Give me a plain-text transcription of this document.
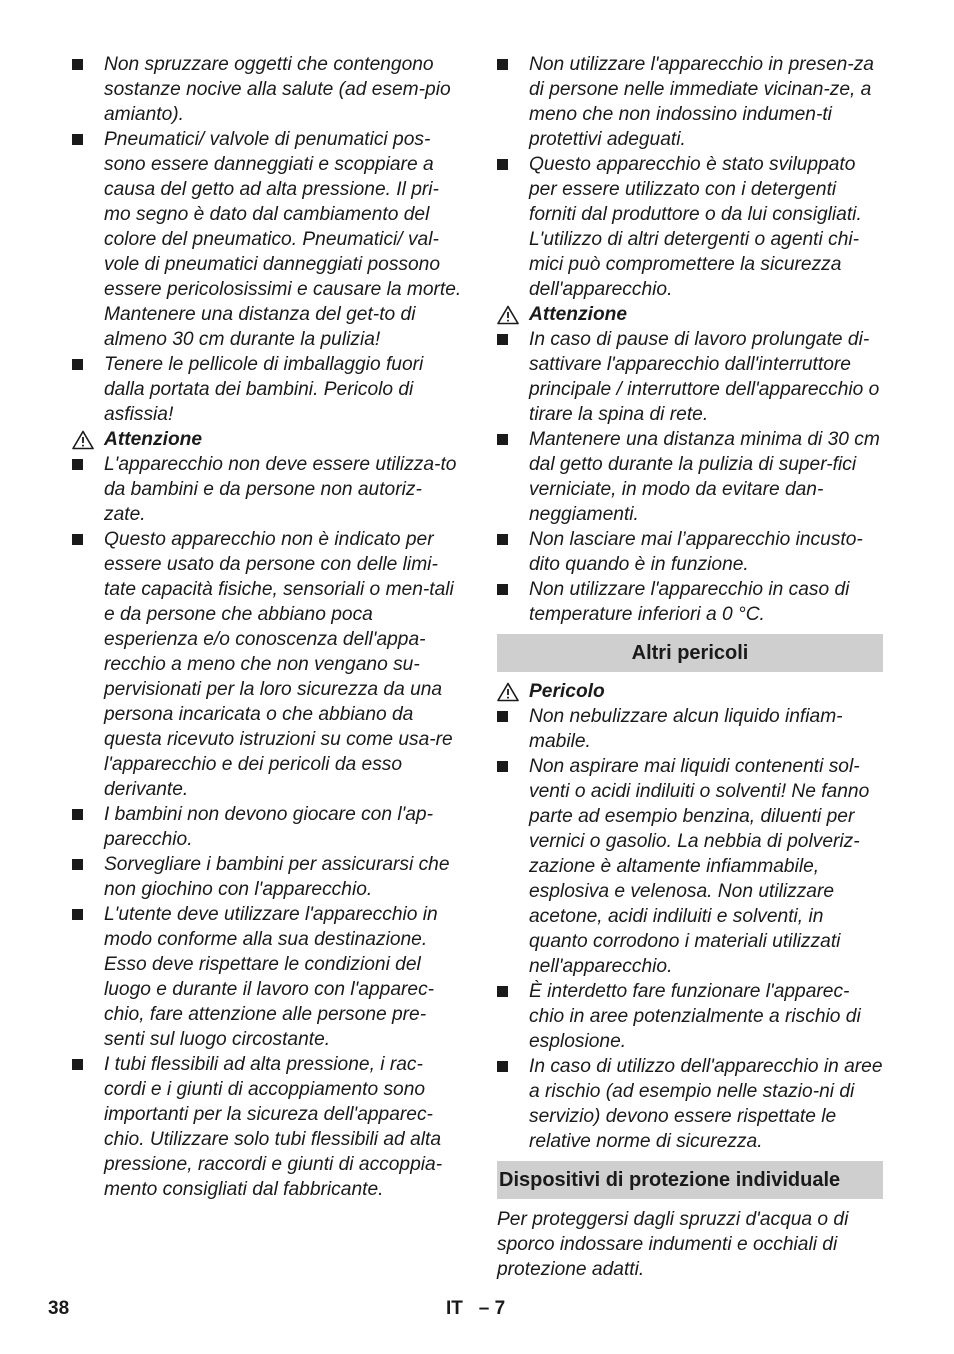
Non spruzzare oggetti che contengono sostanze nocive alla salute (ad esem-pio amianto).
Pneumatici/ valvole di penumatici pos-sono essere danneggiati e scoppiare a causa del getto ad alta pressione. Il pri-mo segno è dato dal cambiamento del colore del pneumatico. Pneumatici/ val-vole di pneumatici danneggiati possono essere pericolosissimi e causare la morte. Mantenere una distanza del get-to di almeno 30 cm durante la pulizia!
Tenere le pellicole di imballaggio fuori dalla portata dei bambini. Pericolo di asfissia!
Attenzione
L'apparecchio non deve essere utilizza-to da bambini e da persone non autoriz-zate.
Questo apparecchio non è indicato per essere usato da persone con delle limi-tate capacità fisiche, sensoriali o men-tali e da persone che abbiano poca esperienza e/o conoscenza dell'appa-recchio a meno che non vengano su-pervisionati per la loro sicurezza da una persona incaricata o che abbiano da questa ricevuto istruzioni su come usa-re l'apparecchio e dei pericoli da esso derivante.
I bambini non devono giocare con l'ap-parecchio.
Sorvegliare i bambini per assicurarsi che non giochino con l'apparecchio.
L'utente deve utilizzare l'apparecchio in modo conforme alla sua destinazione. Esso deve rispettare le condizioni del luogo e durante il lavoro con l'apparec-chio, fare attenzione alle persone pre-senti sul luogo circostante.
I tubi flessibili ad alta pressione, i rac-cordi e i giunti di accoppiamento sono importanti per la sicureza dell'apparec-chio. Utilizzare solo tubi flessibili ad alta pressione, raccordi e giunti di accoppia-mento consigliati dal fabbricante.
Non utilizzare l'apparecchio in presen-za di persone nelle immediate vicinan-ze, a meno che non indossino indumen-ti protettivi adeguati.
Questo apparecchio è stato sviluppato per essere utilizzato con i detergenti forniti dal produttore o da lui consigliati. L'utilizzo di altri detergenti o agenti chi-mici può compromettere la sicurezza dell'apparecchio.
Attenzione
In caso di pause di lavoro prolungate di-sattivare l'apparecchio dall'interruttore principale / interruttore dell'apparecchio o tirare la spina di rete.
Mantenere una distanza minima di 30 cm dal getto durante la pulizia di super-fici verniciate, in modo da evitare dan-neggiamenti.
Non lasciare mai l’apparecchio incusto-dito quando è in funzione.
Non utilizzare l'apparecchio in caso di temperature inferiori a 0 °C.
Altri pericoli
Pericolo
Non nebulizzare alcun liquido infiam-mabile.
Non aspirare mai liquidi contenenti sol-venti o acidi indiluiti o solventi! Ne fanno parte ad esempio benzina, diluenti per vernici o gasolio. La nebbia di polveriz-zazione è altamente infiammabile, esplosiva e velenosa. Non utilizzare acetone, acidi indiluiti e solventi, in quanto corrodono i materiali utilizzati nell'apparecchio.
È interdetto fare funzionare l'apparec-chio in aree potenzialmente a rischio di esplosione.
In caso di utilizzo dell'apparecchio in aree a rischio (ad esempio nelle stazio-ni di servizio) devono essere rispettate le relative norme di sicurezza.
Dispositivi di protezione individuale
Per proteggersi dagli spruzzi d'acqua o di sporco indossare indumenti e occhiali di protezione adatti.
38	IT   – 7
